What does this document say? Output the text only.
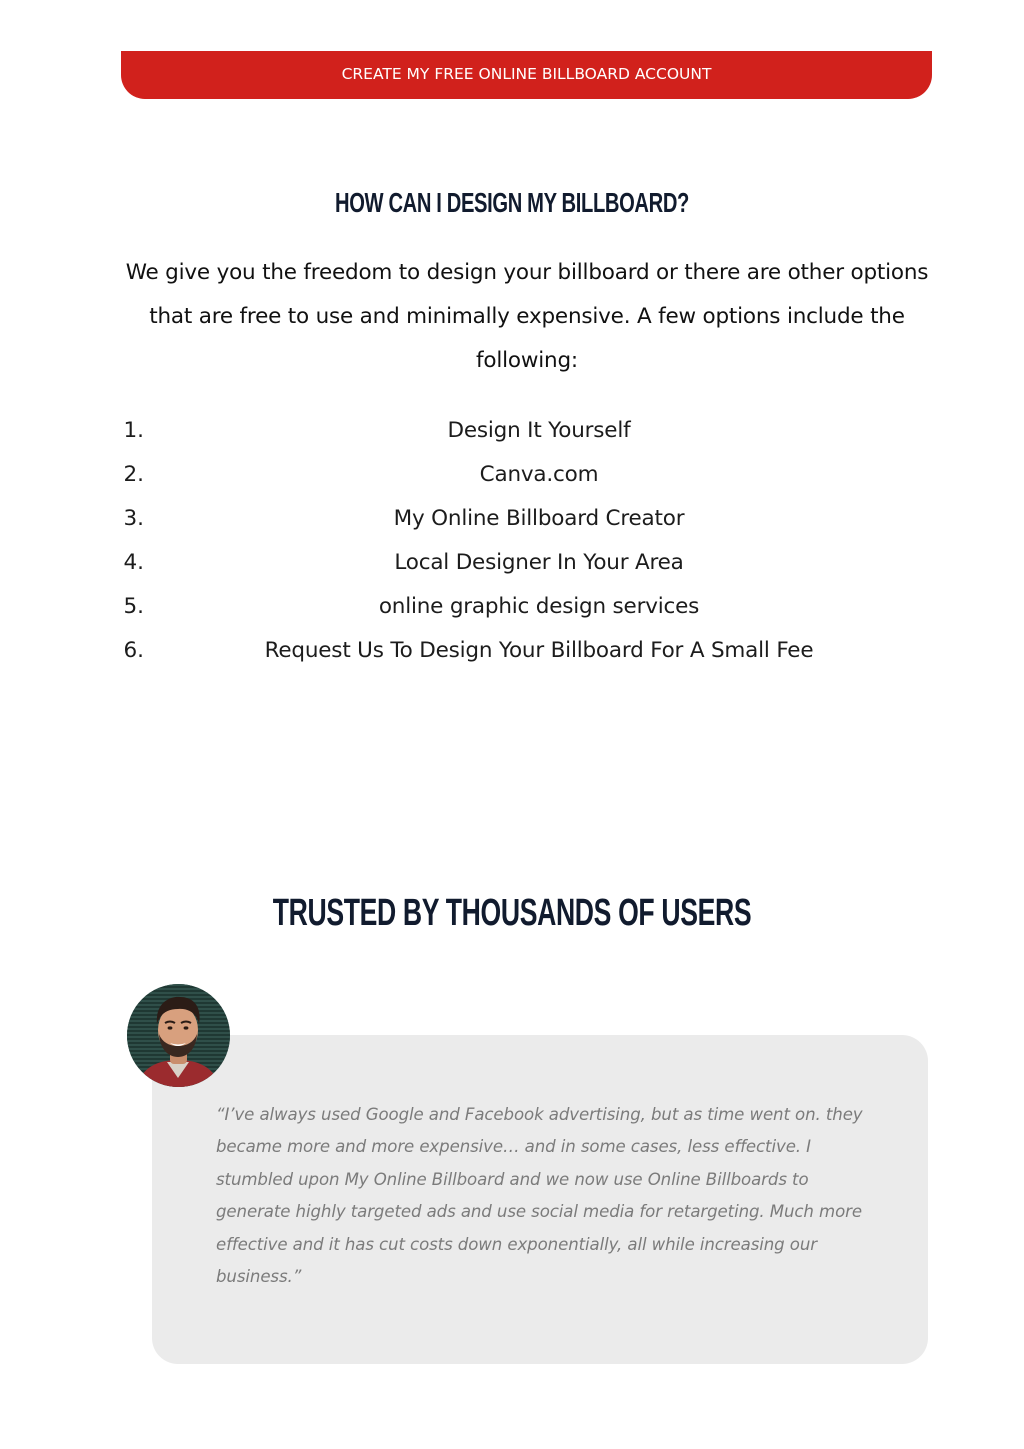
CREATE MY FREE ONLINE BILLBOARD ACCOUNT
HOW CAN I DESIGN MY BILLBOARD?

We give you the freedom to design your billboard or there are other options that are free to use and minimally expensive. A few options include the following:

1.	Design It Yourself
2.	Canva.com
3.	My Online Billboard Creator
4.	Local Designer In Your Area
5.	online graphic design services
6.	Request Us To Design Your Billboard For A Small Fee
TRUSTED BY THOUSANDS OF USERS

“I’ve always used Google and Facebook advertising, but as time went on. they became more and more expensive… and in some cases, less effective. I stumbled upon My Online Billboard and we now use Online Billboards to generate highly targeted ads and use social media for retargeting. Much more effective and it has cut costs down exponentially, all while increasing our business.”
